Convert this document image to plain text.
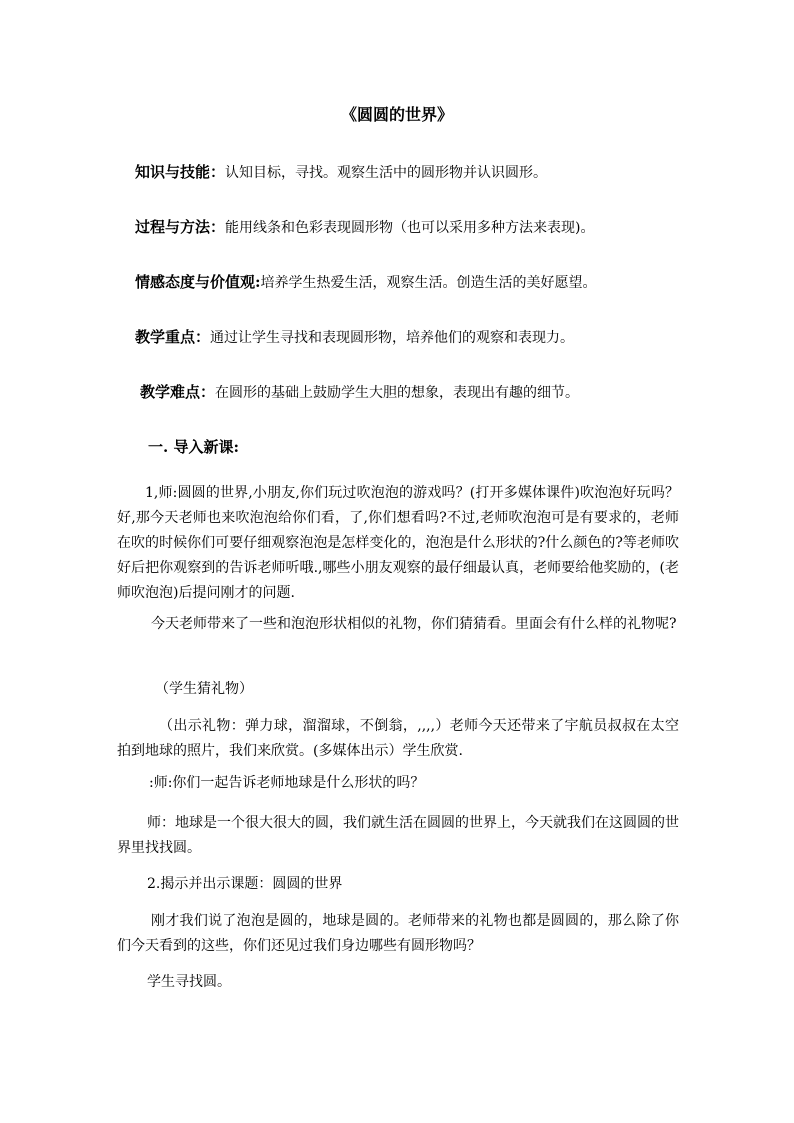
《圆圆的世界》
知识与技能：认知目标，寻找。观察生活中的圆形物并认识圆形。
过程与方法：能用线条和色彩表现圆形物（也可以采用多种方法来表现)。
情感态度与价值观:培养学生热爱生活，观察生活。创造生活的美好愿望。
教学重点：通过让学生寻找和表现圆形物，培养他们的观察和表现力。
教学难点：在圆形的基础上鼓励学生大胆的想象，表现出有趣的细节。
一. 导入新课:
1,师:圆圆的世界,小朋友,你们玩过吹泡泡的游戏吗？(打开多媒体课件)吹泡泡好玩吗？好,那今天老师也来吹泡泡给你们看，了,你们想看吗?不过,老师吹泡泡可是有要求的，老师在吹的时候你们可要仔细观察泡泡是怎样变化的，泡泡是什么形状的?什么颜色的?等老师吹好后把你观察到的告诉老师听哦.,哪些小朋友观察的最仔细最认真，老师要给他奖励的，(老师吹泡泡)后提问刚才的问题.
今天老师带来了一些和泡泡形状相似的礼物，你们猜猜看。里面会有什么样的礼物呢?
（学生猜礼物）
（出示礼物：弹力球，溜溜球，不倒翁，,,,,）老师今天还带来了宇航员叔叔在太空拍到地球的照片，我们来欣赏。(多媒体出示）学生欣赏.
:师:你们一起告诉老师地球是什么形状的吗？
师：地球是一个很大很大的圆，我们就生活在圆圆的世界上，今天就我们在这圆圆的世界里找找圆。
2.揭示并出示课题：圆圆的世界
刚才我们说了泡泡是圆的，地球是圆的。老师带来的礼物也都是圆圆的，那么除了你们今天看到的这些，你们还见过我们身边哪些有圆形物吗？
学生寻找圆。
